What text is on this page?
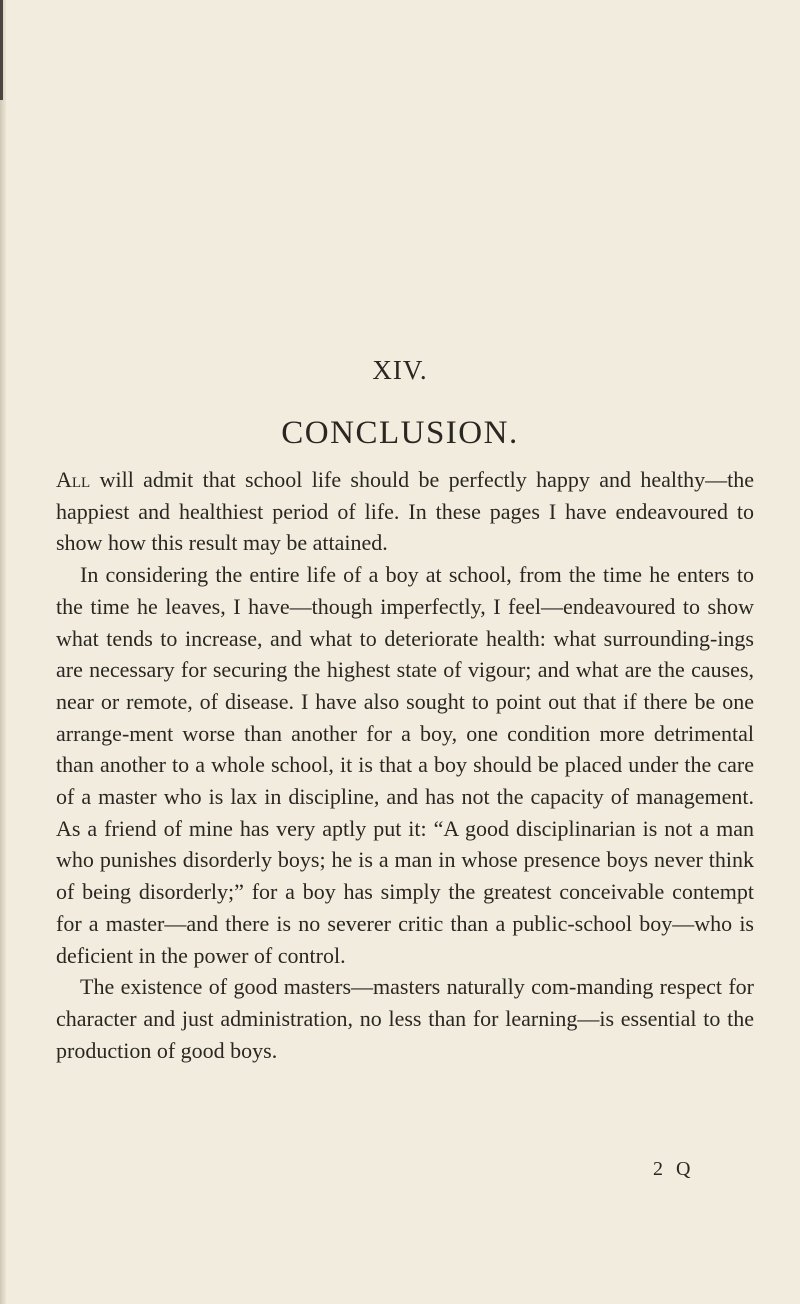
XIV.
CONCLUSION.

All will admit that school life should be perfectly happy and healthy—the happiest and healthiest period of life. In these pages I have endeavoured to show how this result may be attained.

In considering the entire life of a boy at school, from the time he enters to the time he leaves, I have—though imperfectly, I feel—endeavoured to show what tends to increase, and what to deteriorate health: what surrounding-ings are necessary for securing the highest state of vigour; and what are the causes, near or remote, of disease. I have also sought to point out that if there be one arrange-ment worse than another for a boy, one condition more detrimental than another to a whole school, it is that a boy should be placed under the care of a master who is lax in discipline, and has not the capacity of management. As a friend of mine has very aptly put it: “A good disciplinarian is not a man who punishes disorderly boys; he is a man in whose presence boys never think of being disorderly;” for a boy has simply the greatest conceivable contempt for a master—and there is no severer critic than a public-school boy—who is deficient in the power of control.

The existence of good masters—masters naturally com-manding respect for character and just administration, no less than for learning—is essential to the production of good boys.

2 Q
